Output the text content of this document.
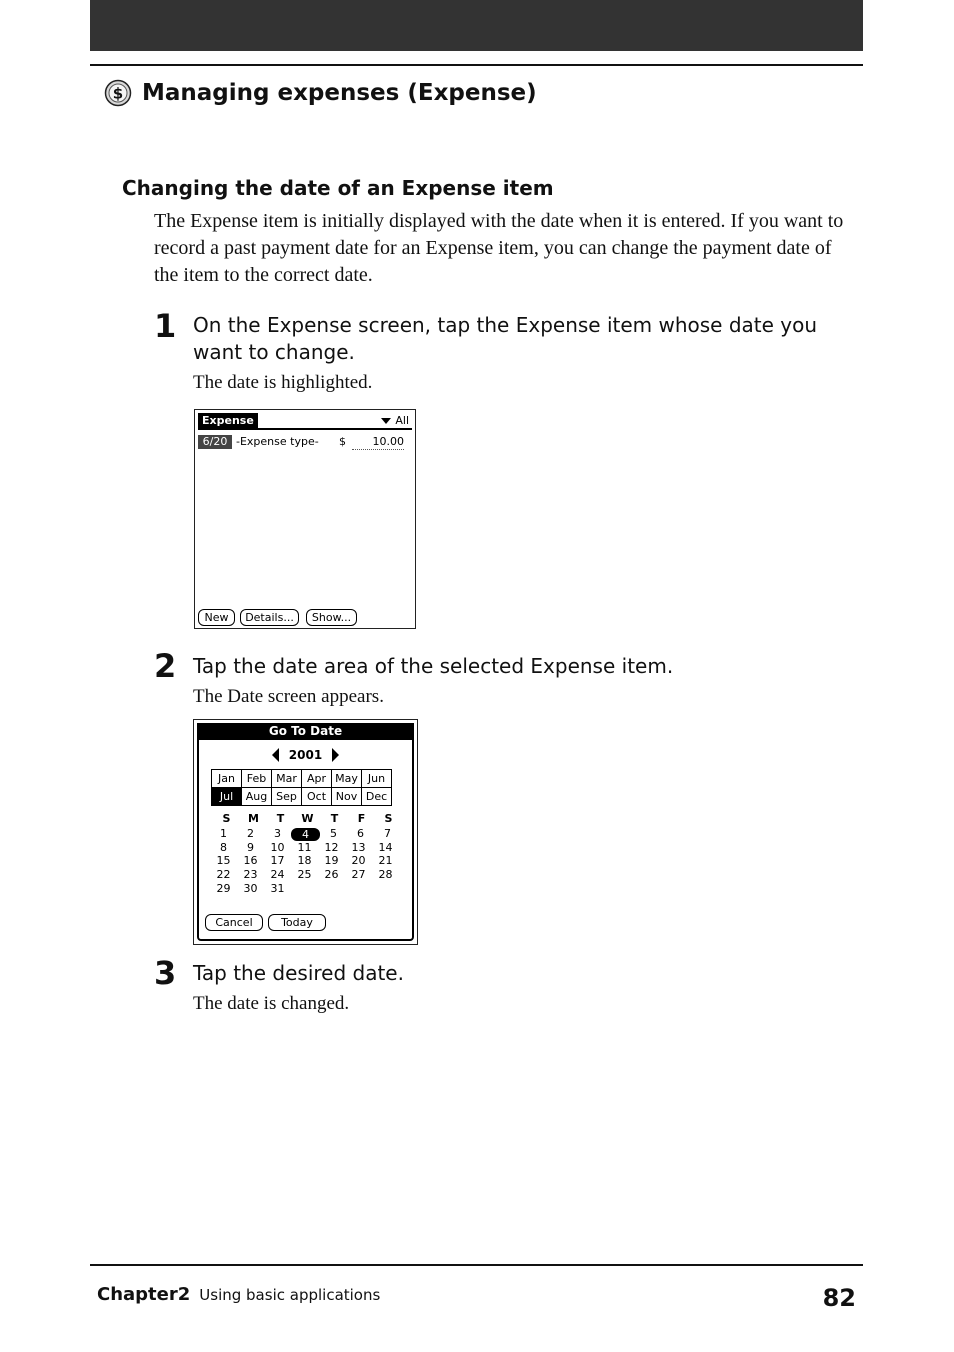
$ Managing expenses (Expense)
Changing the date of an Expense item
The Expense item is initially displayed with the date when it is entered. If you want to record a past payment date for an Expense item, you can change the payment date of the item to the correct date.
1 On the Expense screen, tap the Expense item whose date you want to change.
The date is highlighted.
Expense	All
6/20 -Expense type- $	10.00
New	Details...	Show...
2 Tap the date area of the selected Expense item.
The Date screen appears.
Go To Date
2001
Jan	Feb	Mar	Apr	May	Jun
Jul	Aug	Sep	Oct	Nov	Dec
S	M	T	W	T	F	S
1	2	3	4	5	6	7
8	9	10	11	12	13	14
15	16	17	18	19	20	21
22	23	24	25	26	27	28
29	30	31
Cancel	Today
3 Tap the desired date.
The date is changed.
Chapter2 Using basic applications	82
